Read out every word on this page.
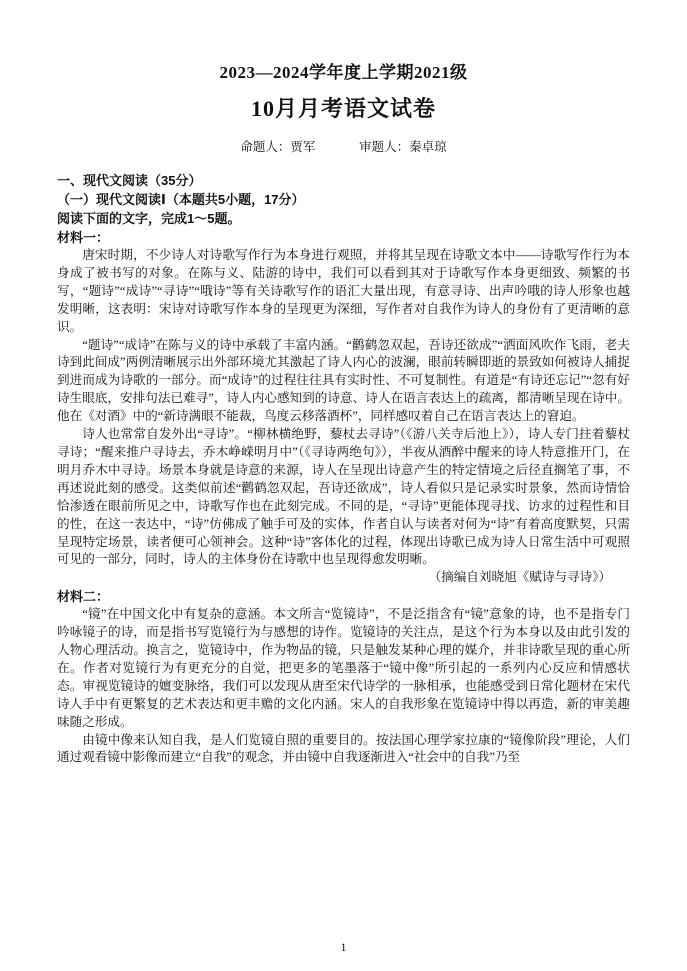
2023—2024学年度上学期2021级
10月月考语文试卷
命题人：贾军	审题人：秦卓琼

一、现代文阅读（35分）

（一）现代文阅读Ⅰ（本题共5小题，17分）

阅读下面的文字，完成1～5题。

材料一：

唐宋时期，不少诗人对诗歌写作行为本身进行观照，并将其呈现在诗歌文本中——诗歌写作行为本身成了被书写的对象。在陈与义、陆游的诗中，我们可以看到其对于诗歌写作本身更细致、频繁的书写，“题诗”“成诗”“寻诗”“哦诗”等有关诗歌写作的语汇大量出现，有意寻诗、出声吟哦的诗人形象也越发明晰，这表明：宋诗对诗歌写作本身的呈现更为深细，写作者对自我作为诗人的身份有了更清晰的意识。

“题诗”“成诗”在陈与义的诗中承载了丰富内涵。“鹳鹤忽双起，吾诗还欲成”“洒面风吹作飞雨，老夫诗到此间成”两例清晰展示出外部环境尤其激起了诗人内心的波澜，眼前转瞬即逝的景致如何被诗人捕捉到进而成为诗歌的一部分。而“成诗”的过程往往具有实时性、不可复制性。有道是“有诗还忘记”“忽有好诗生眼底，安排句法已难寻”，诗人内心感知到的诗意、诗人在语言表达上的疏离，都清晰呈现在诗中。他在《对酒》中的“新诗满眼不能裁，鸟度云移落酒杯”，同样感叹着自己在语言表达上的窘迫。

诗人也常常自发外出“寻诗”。“柳林横绝野，藜杖去寻诗”（《游八关寺后池上》），诗人专门拄着藜杖寻诗；“醒来推户寻诗去，乔木峥嵘明月中”（《寻诗两绝句》），半夜从酒醉中醒来的诗人特意推开门，在明月乔木中寻诗。场景本身就是诗意的来源，诗人在呈现出诗意产生的特定情境之后径直搁笔了事，不再述说此刻的感受。这类似前述“鹳鹤忽双起，吾诗还欲成”，诗人看似只是记录实时景象，然而诗情恰恰渗透在眼前所见之中，诗歌写作也在此刻完成。不同的是，“寻诗”更能体现寻找、访求的过程性和目的性，在这一表达中，“诗”仿佛成了触手可及的实体，作者自认与读者对何为“诗”有着高度默契，只需呈现特定场景，读者便可心领神会。这种“诗”客体化的过程，体现出诗歌已成为诗人日常生活中可观照可见的一部分，同时，诗人的主体身份在诗歌中也呈现得愈发明晰。

（摘编自刘晓旭《赋诗与寻诗》）

材料二：

“镜”在中国文化中有复杂的意涵。本文所言“览镜诗”，不是泛指含有“镜”意象的诗，也不是指专门吟咏镜子的诗，而是指书写览镜行为与感想的诗作。览镜诗的关注点，是这个行为本身以及由此引发的人物心理活动。换言之，览镜诗中，作为物品的镜，只是触发某种心理的媒介，并非诗歌呈现的重心所在。作者对览镜行为有更充分的自觉，把更多的笔墨落于“镜中像”所引起的一系列内心反应和情感状态。审视览镜诗的嬗变脉络，我们可以发现从唐至宋代诗学的一脉相承，也能感受到日常化题材在宋代诗人手中有更繁复的艺术表达和更丰赡的文化内涵。宋人的自我形象在览镜诗中得以再造，新的审美趣味随之形成。

由镜中像来认知自我，是人们览镜自照的重要目的。按法国心理学家拉康的“镜像阶段”理论，人们通过观看镜中影像而建立“自我”的观念，并由镜中自我逐渐进入“社会中的自我”乃至

1
